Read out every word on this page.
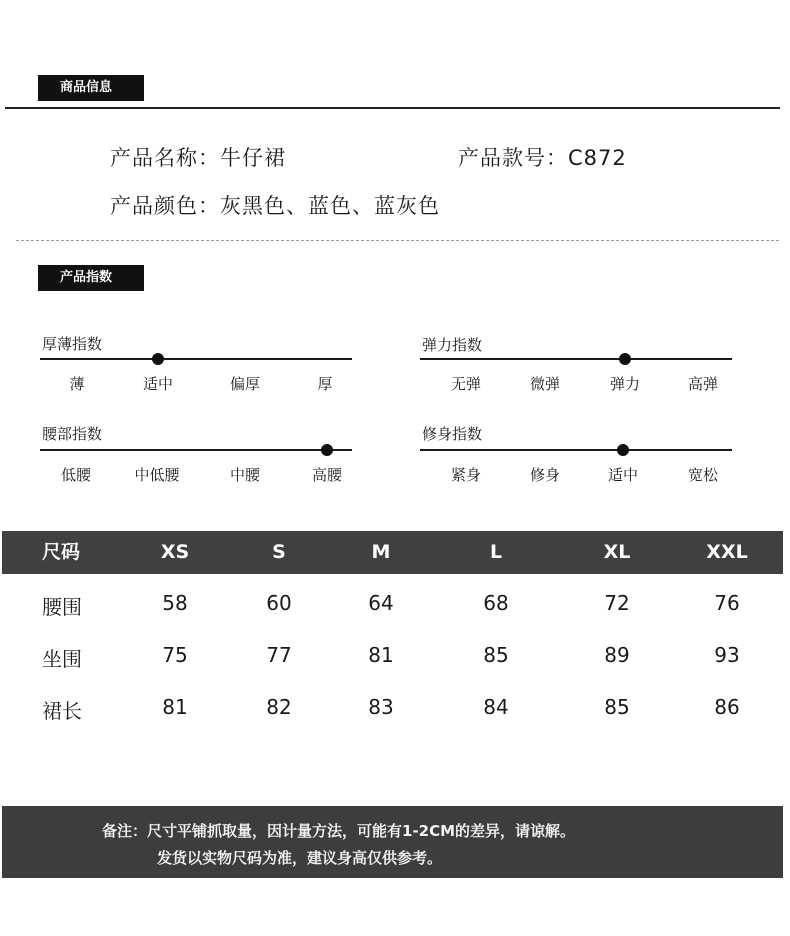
商品信息
产品名称：牛仔裙	产品款号：C872
产品颜色：灰黑色、蓝色、蓝灰色
产品指数
厚薄指数
薄	适中	偏厚	厚
弹力指数
无弹	微弹	弹力	高弹
腰部指数
低腰	中低腰	中腰	高腰
修身指数
紧身	修身	适中	宽松
尺码	XS	S	M	L	XL	XXL
腰围	58	60	64	68	72	76
坐围	75	77	81	85	89	93
裙长	81	82	83	84	85	86
备注：尺寸平铺抓取量，因计量方法，可能有1-2CM的差异，请谅解。
发货以实物尺码为准，建议身高仅供参考。
